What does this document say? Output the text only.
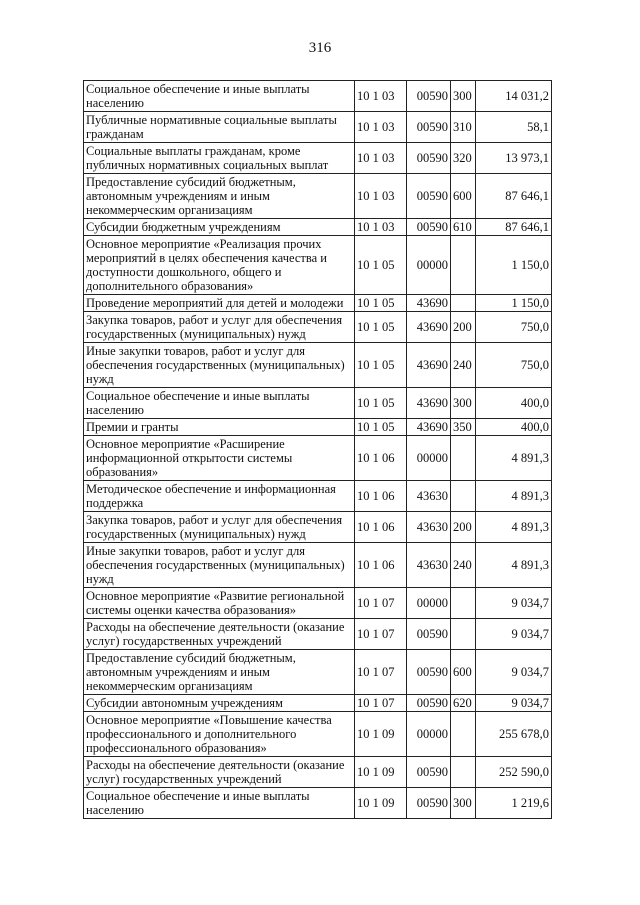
316
Социальное обеспечение и иные выплаты населению	10 1 03	00590	300	14 031,2
Публичные нормативные социальные выплаты гражданам	10 1 03	00590	310	58,1
Социальные выплаты гражданам, кроме публичных нормативных социальных выплат	10 1 03	00590	320	13 973,1
Предоставление субсидий бюджетным, автономным учреждениям и иным некоммерческим организациям	10 1 03	00590	600	87 646,1
Субсидии бюджетным учреждениям	10 1 03	00590	610	87 646,1
Основное мероприятие «Реализация прочих мероприятий в целях обеспечения качества и доступности дошкольного, общего и дополнительного образования»	10 1 05	00000		1 150,0
Проведение мероприятий для детей и молодежи	10 1 05	43690		1 150,0
Закупка товаров, работ и услуг для обеспечения государственных (муниципальных) нужд	10 1 05	43690	200	750,0
Иные закупки товаров, работ и услуг для обеспечения государственных (муниципальных) нужд	10 1 05	43690	240	750,0
Социальное обеспечение и иные выплаты населению	10 1 05	43690	300	400,0
Премии и гранты	10 1 05	43690	350	400,0
Основное мероприятие «Расширение информационной открытости системы образования»	10 1 06	00000		4 891,3
Методическое обеспечение и информационная поддержка	10 1 06	43630		4 891,3
Закупка товаров, работ и услуг для обеспечения государственных (муниципальных) нужд	10 1 06	43630	200	4 891,3
Иные закупки товаров, работ и услуг для обеспечения государственных (муниципальных) нужд	10 1 06	43630	240	4 891,3
Основное мероприятие «Развитие региональной системы оценки качества образования»	10 1 07	00000		9 034,7
Расходы на обеспечение деятельности (оказание услуг) государственных учреждений	10 1 07	00590		9 034,7
Предоставление субсидий бюджетным, автономным учреждениям и иным некоммерческим организациям	10 1 07	00590	600	9 034,7
Субсидии автономным учреждениям	10 1 07	00590	620	9 034,7
Основное мероприятие «Повышение качества профессионального и дополнительного профессионального образования»	10 1 09	00000		255 678,0
Расходы на обеспечение деятельности (оказание услуг) государственных учреждений	10 1 09	00590		252 590,0
Социальное обеспечение и иные выплаты населению	10 1 09	00590	300	1 219,6
